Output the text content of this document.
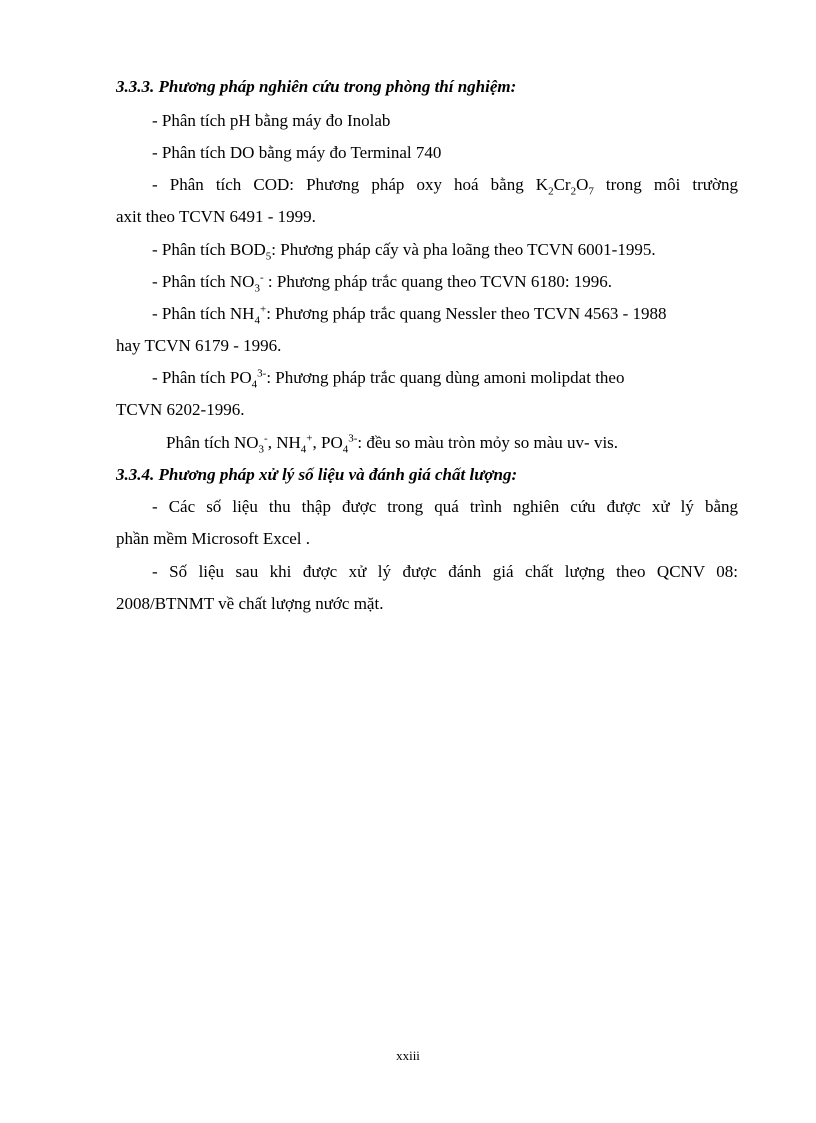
3.3.3. Phương pháp nghiên cứu trong phòng thí nghiệm:
- Phân tích pH bằng máy đo Inolab
- Phân tích DO bằng máy đo Terminal 740
- Phân tích COD: Phương pháp oxy hoá bằng $K_2Cr_2O_7$ trong môi trường
axit theo TCVN 6491 - 1999.
- Phân tích $BOD_5$: Phương pháp cấy và pha loãng theo TCVN 6001-1995.
- Phân tích $NO_3^-$ : Phương pháp trắc quang theo TCVN 6180: 1996.
- Phân tích $NH_4^+$: Phương pháp trắc quang Nessler theo TCVN 4563 - 1988
hay TCVN 6179 - 1996.
- Phân tích $PO_4^{3-}$: Phương pháp trắc quang dùng amoni molipdat theo
TCVN 6202-1996.
Phân tích $NO_3^-$, $NH_4^+$, $PO_4^{3-}$: đều so màu tròn mỏy so màu uv- vis.
3.3.4. Phương pháp xử lý số liệu và đánh giá chất lượng:
- Các số liệu thu thập được trong quá trình nghiên cứu được xử lý bằng
phần mềm Microsoft Excel .
- Số liệu sau khi được xử lý được đánh giá chất lượng theo QCNV 08:
2008/BTNMT về chất lượng nước mặt.
xxiii
